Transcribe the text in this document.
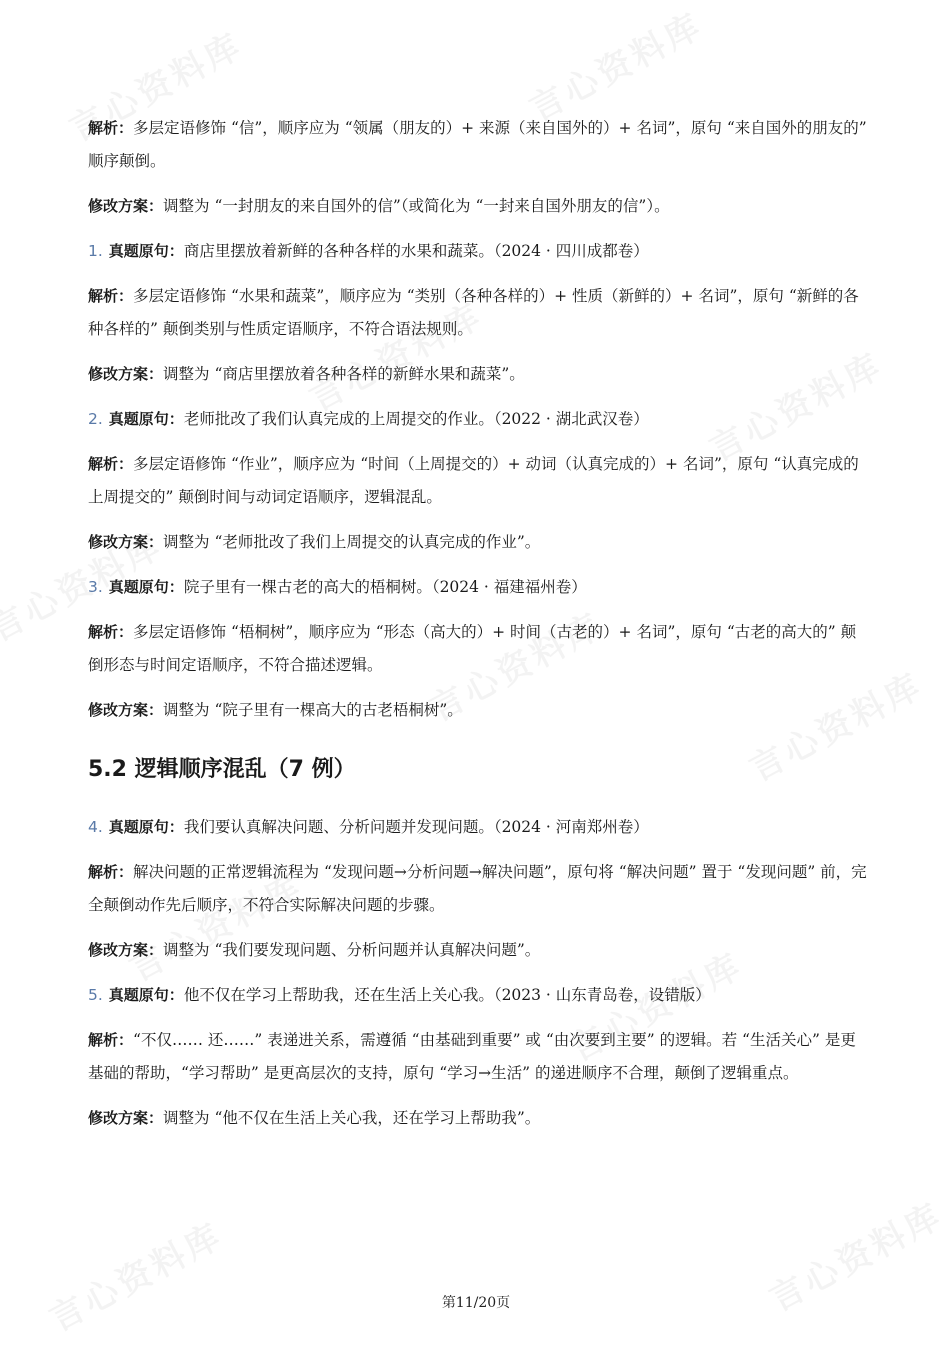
解析：多层定语修饰 “信”，顺序应为 “领属（朋友的）+ 来源（来自国外的）+ 名词”，原句 “来自国外的朋友的” 顺序颠倒。
修改方案：调整为 “一封朋友的来自国外的信”（或简化为 “一封来自国外朋友的信”）。
1. 真题原句：商店里摆放着新鲜的各种各样的水果和蔬菜。（2024 · 四川成都卷）
解析：多层定语修饰 “水果和蔬菜”，顺序应为 “类别（各种各样的）+ 性质（新鲜的）+ 名词”，原句 “新鲜的各种各样的” 颠倒类别与性质定语顺序，不符合语法规则。
修改方案：调整为 “商店里摆放着各种各样的新鲜水果和蔬菜”。
2. 真题原句：老师批改了我们认真完成的上周提交的作业。（2022 · 湖北武汉卷）
解析：多层定语修饰 “作业”，顺序应为 “时间（上周提交的）+ 动词（认真完成的）+ 名词”，原句 “认真完成的上周提交的” 颠倒时间与动词定语顺序，逻辑混乱。
修改方案：调整为 “老师批改了我们上周提交的认真完成的作业”。
3. 真题原句：院子里有一棵古老的高大的梧桐树。（2024 · 福建福州卷）
解析：多层定语修饰 “梧桐树”，顺序应为 “形态（高大的）+ 时间（古老的）+ 名词”，原句 “古老的高大的” 颠倒形态与时间定语顺序，不符合描述逻辑。
修改方案：调整为 “院子里有一棵高大的古老梧桐树”。
5.2 逻辑顺序混乱（7 例）
4. 真题原句：我们要认真解决问题、分析问题并发现问题。（2024 · 河南郑州卷）
解析：解决问题的正常逻辑流程为 “发现问题→分析问题→解决问题”，原句将 “解决问题” 置于 “发现问题” 前，完全颠倒动作先后顺序，不符合实际解决问题的步骤。
修改方案：调整为 “我们要发现问题、分析问题并认真解决问题”。
5. 真题原句：他不仅在学习上帮助我，还在生活上关心我。（2023 · 山东青岛卷，设错版）
解析：“不仅…… 还……” 表递进关系，需遵循 “由基础到重要” 或 “由次要到主要” 的逻辑。若 “生活关心” 是更基础的帮助，“学习帮助” 是更高层次的支持，原句 “学习→生活” 的递进顺序不合理，颠倒了逻辑重点。
修改方案：调整为 “他不仅在生活上关心我，还在学习上帮助我”。
第11/20页
